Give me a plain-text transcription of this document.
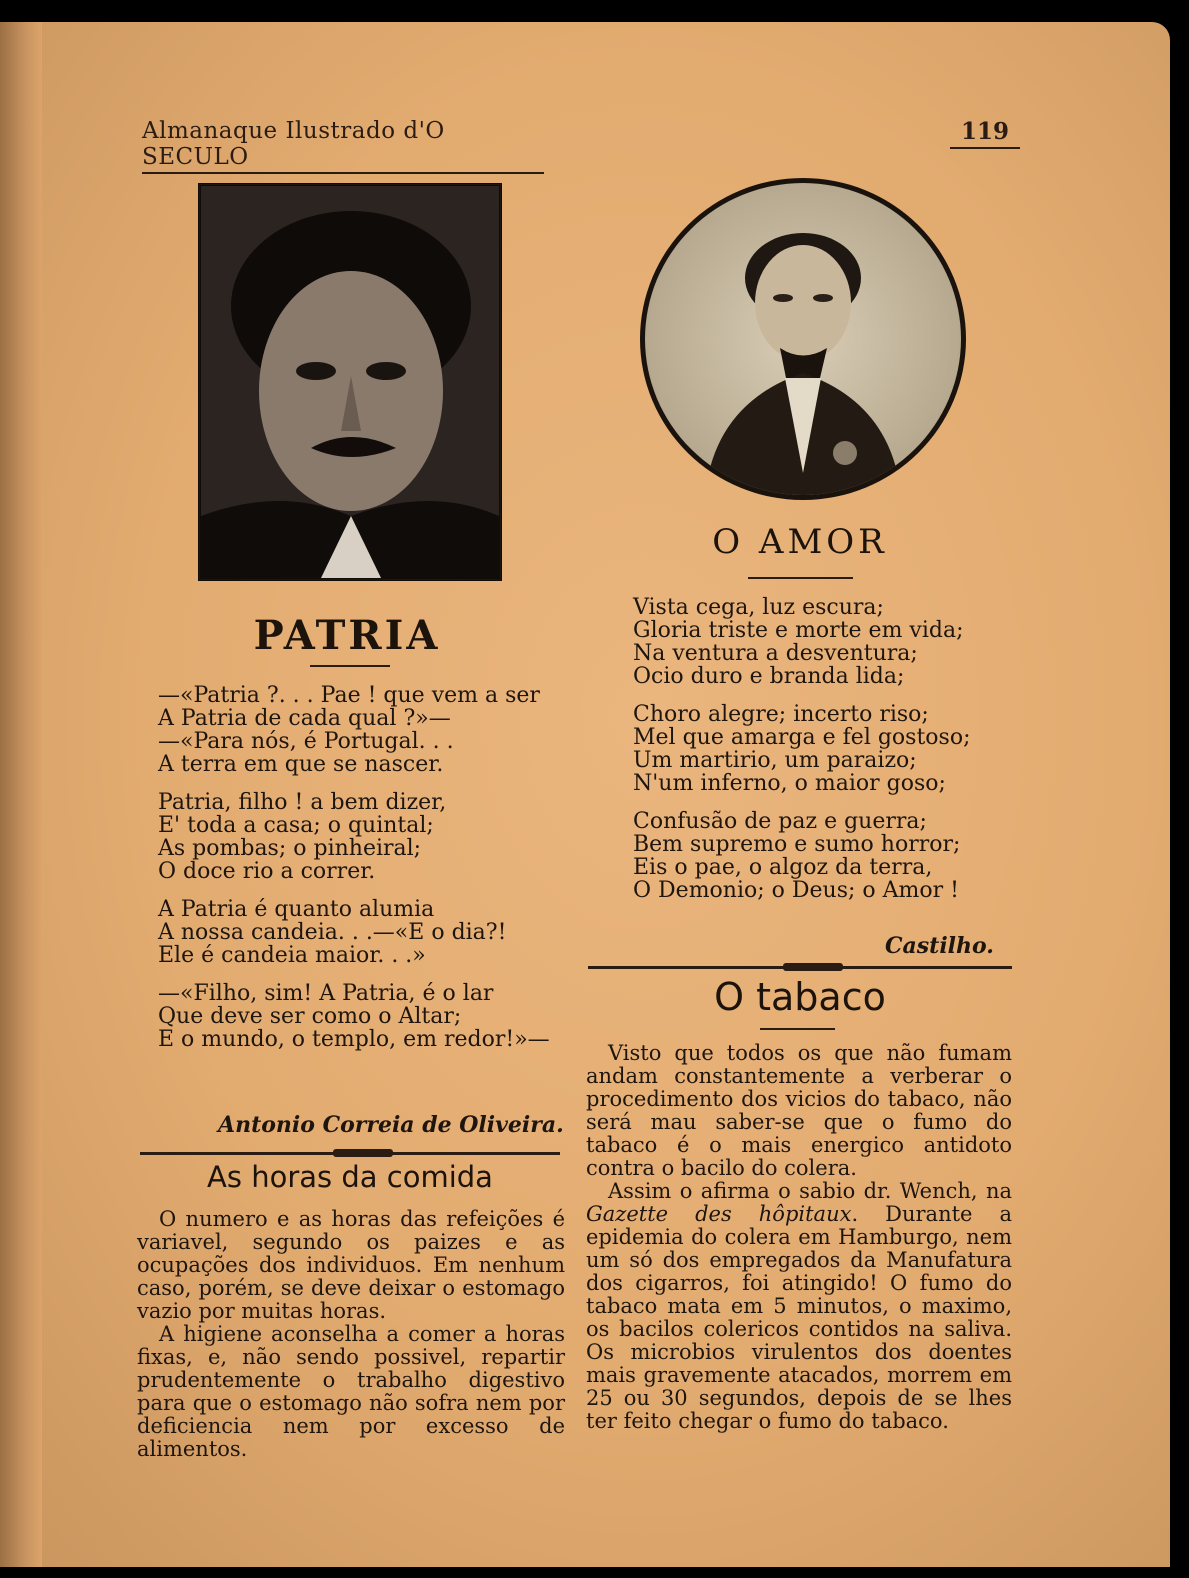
Almanaque Ilustrado d'O SECULO
119
PATRIA
—«Patria ?. . . Pae ! que vem a ser
A Patria de cada qual ?»—
—«Para nós, é Portugal. . .
A terra em que se nascer.
Patria, filho ! a bem dizer,
E' toda a casa; o quintal;
As pombas; o pinheiral;
O doce rio a correr.
A Patria é quanto alumia
A nossa candeia. . .—«E o dia?!
Ele é candeia maior. . .»
—«Filho, sim! A Patria, é o lar
Que deve ser como o Altar;
E o mundo, o templo, em redor!»—
Antonio Correia de Oliveira.
As horas da comida

O numero e as horas das refeições é variavel, segundo os paizes e as ocupações dos individuos. Em nenhum caso, porém, se deve deixar o estomago vazio por muitas horas.

A higiene aconselha a comer a horas fixas, e, não sendo possivel, repartir prudentemente o trabalho digestivo para que o estomago não sofra nem por deficiencia nem por excesso de alimentos.

O AMOR
Vista cega, luz escura;
Gloria triste e morte em vida;
Na ventura a desventura;
Ocio duro e branda lida;
Choro alegre; incerto riso;
Mel que amarga e fel gostoso;
Um martirio, um paraizo;
N'um inferno, o maior goso;
Confusão de paz e guerra;
Bem supremo e sumo horror;
Eis o pae, o algoz da terra,
O Demonio; o Deus; o Amor !
Castilho.
O tabaco

Visto que todos os que não fumam andam constantemente a verberar o procedimento dos vicios do tabaco, não será mau saber-se que o fumo do tabaco é o mais energico antidoto contra o bacilo do colera.

Assim o afirma o sabio dr. Wench, na Gazette des hôpitaux. Durante a epidemia do colera em Hamburgo, nem um só dos empregados da Manufatura dos cigarros, foi atingido! O fumo do tabaco mata em 5 minutos, o maximo, os bacilos colericos contidos na saliva. Os microbios virulentos dos doentes mais gravemente atacados, morrem em 25 ou 30 segundos, depois de se lhes ter feito chegar o fumo do tabaco.
